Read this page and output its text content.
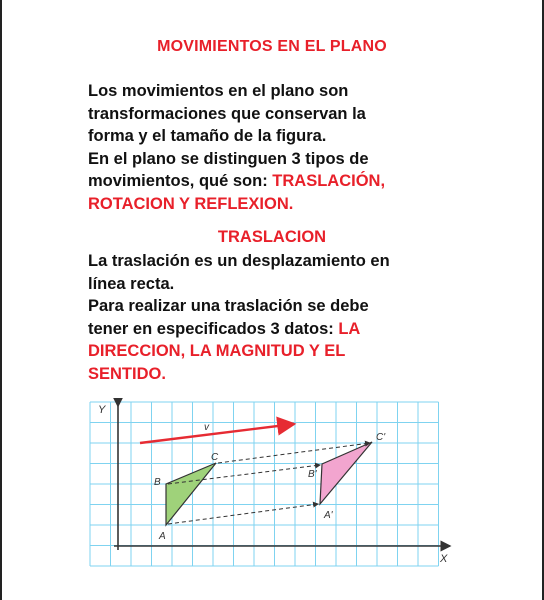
MOVIMIENTOS EN EL PLANO
Los movimientos en el plano son
transformaciones que conservan la
forma y el tamaño de la figura.
En el plano se distinguen 3 tipos de
movimientos, qué son: TRASLACIÓN,
ROTACION Y REFLEXION.
TRASLACION
La traslación es un desplazamiento en
línea recta.
Para realizar una traslación se debe
tener en especificados 3 datos: LA
DIRECCION, LA MAGNITUD Y EL
SENTIDO.
Y
X
v
A
B
C
A'
B'
C'
